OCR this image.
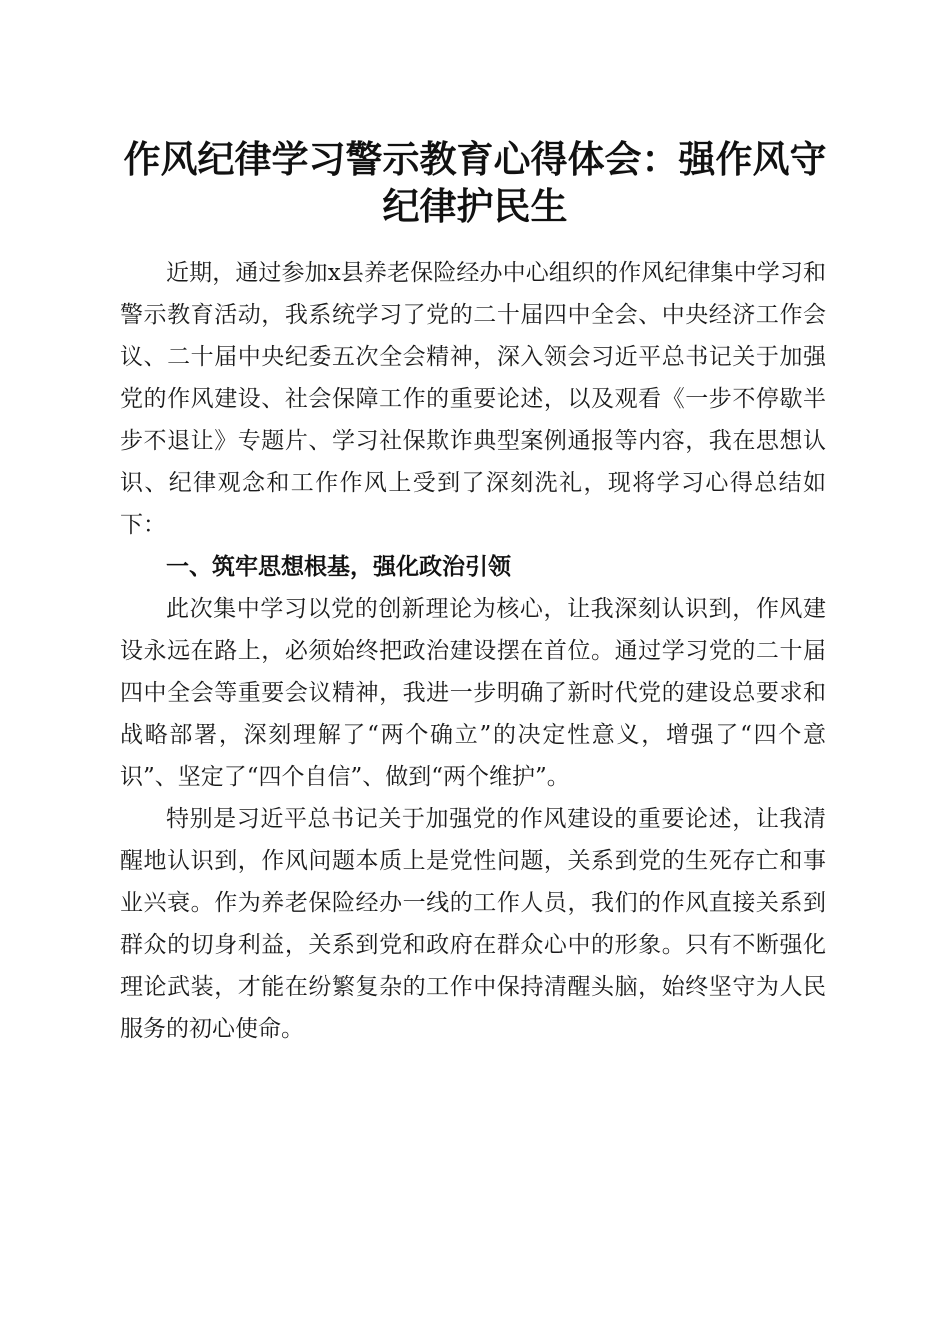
作风纪律学习警示教育心得体会：强作风守纪律护民生

近期，通过参加x县养老保险经办中心组织的作风纪律集中学习和警示教育活动，我系统学习了党的二十届四中全会、中央经济工作会议、二十届中央纪委五次全会精神，深入领会习近平总书记关于加强党的作风建设、社会保障工作的重要论述，以及观看《一步不停歇半步不退让》专题片、学习社保欺诈典型案例通报等内容，我在思想认识、纪律观念和工作作风上受到了深刻洗礼，现将学习心得总结如下：

一、筑牢思想根基，强化政治引领

此次集中学习以党的创新理论为核心，让我深刻认识到，作风建设永远在路上，必须始终把政治建设摆在首位。通过学习党的二十届四中全会等重要会议精神，我进一步明确了新时代党的建设总要求和战略部署，深刻理解了“两个确立”的决定性意义，增强了“四个意识”、坚定了“四个自信”、做到“两个维护”。

特别是习近平总书记关于加强党的作风建设的重要论述，让我清醒地认识到，作风问题本质上是党性问题，关系到党的生死存亡和事业兴衰。作为养老保险经办一线的工作人员，我们的作风直接关系到群众的切身利益，关系到党和政府在群众心中的形象。只有不断强化理论武装，才能在纷繁复杂的工作中保持清醒头脑，始终坚守为人民服务的初心使命。
